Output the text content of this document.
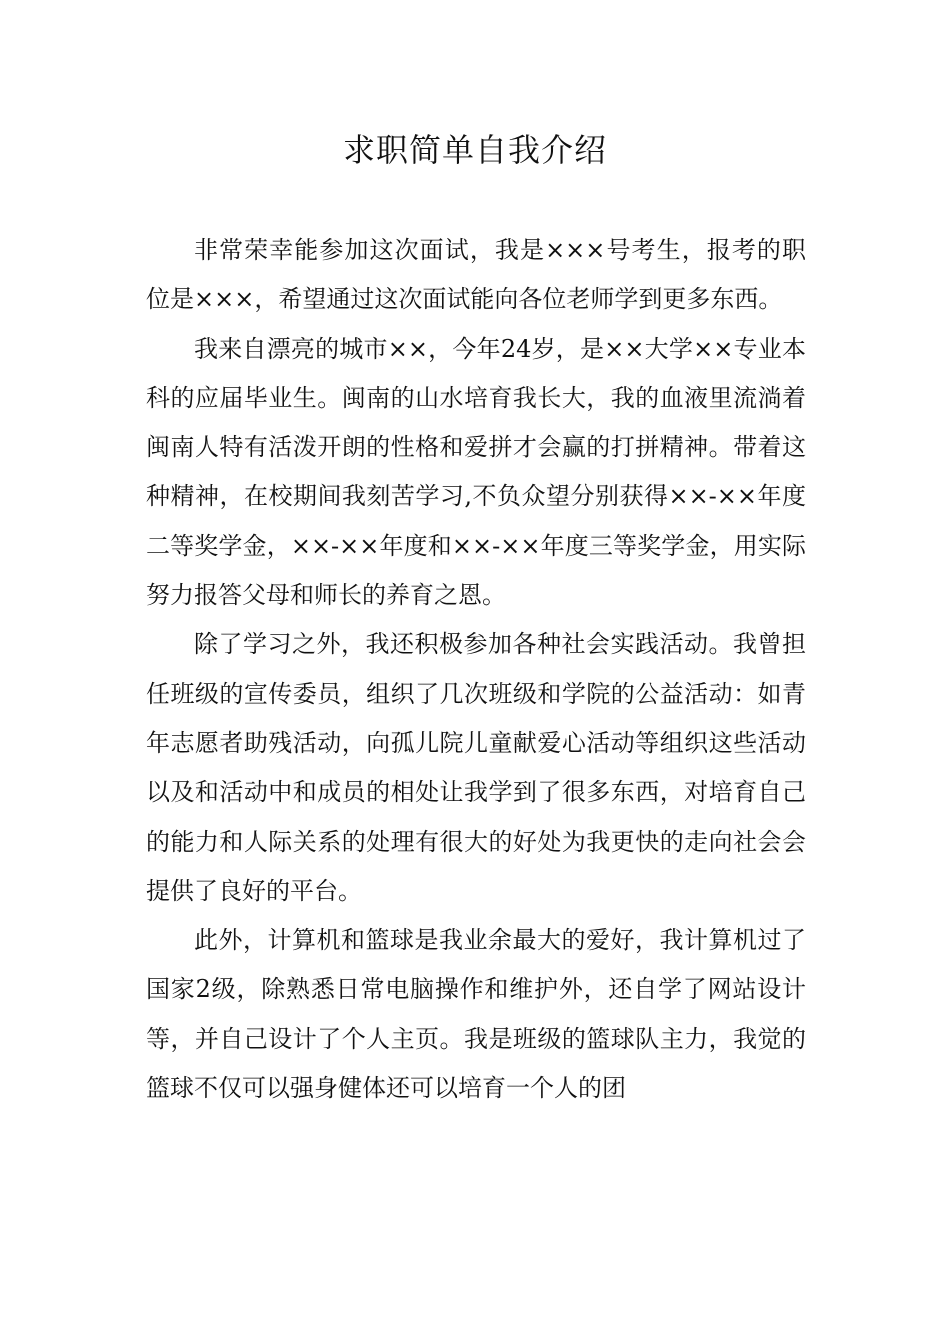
求职简单自我介绍

非常荣幸能参加这次面试，我是×××号考生，报考的职位是×××，希望通过这次面试能向各位老师学到更多东西。

我来自漂亮的城市××，今年24岁，是××大学××专业本科的应届毕业生。闽南的山水培育我长大，我的血液里流淌着闽南人特有活泼开朗的性格和爱拼才会赢的打拼精神。带着这种精神，在校期间我刻苦学习,不负众望分别获得××-××年度二等奖学金，××-××年度和××-××年度三等奖学金，用实际努力报答父母和师长的养育之恩。

除了学习之外，我还积极参加各种社会实践活动。我曾担任班级的宣传委员，组织了几次班级和学院的公益活动：如青年志愿者助残活动，向孤儿院儿童献爱心活动等组织这些活动以及和活动中和成员的相处让我学到了很多东西，对培育自己的能力和人际关系的处理有很大的好处为我更快的走向社会会提供了良好的平台。

此外，计算机和篮球是我业余最大的爱好，我计算机过了国家2级，除熟悉日常电脑操作和维护外，还自学了网站设计等，并自己设计了个人主页。我是班级的篮球队主力，我觉的篮球不仅可以强身健体还可以培育一个人的团
